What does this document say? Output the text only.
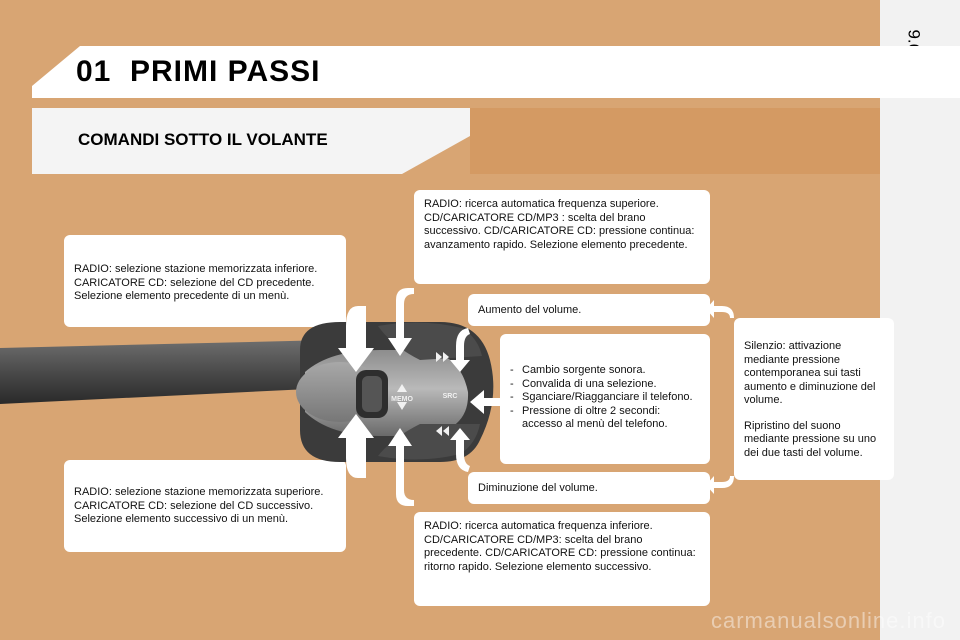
01 PRIMI PASSI
COMANDI SOTTO IL VOLANTE
RADIO: selezione stazione memorizzata inferiore. CARICATORE CD: selezione del CD precedente. Selezione elemento precedente di un menù.
RADIO: selezione stazione memorizzata superiore. CARICATORE CD: selezione del CD successivo. Selezione elemento successivo di un menù.
RADIO: ricerca automatica frequenza superiore. CD/CARICATORE CD/MP3 : scelta del brano successivo. CD/CARICATORE CD: pressione continua: avanzamento rapido. Selezione elemento precedente.
Aumento del volume.
- Cambio sorgente sonora.
- Convalida di una selezione.
- Sganciare/Riagganciare il telefono.
- Pressione di oltre 2 secondi: accesso al menù del telefono.
Diminuzione del volume.
RADIO: ricerca automatica frequenza inferiore. CD/CARICATORE CD/MP3: scelta del brano precedente. CD/CARICATORE CD: pressione continua: ritorno rapido. Selezione elemento successivo.

Silenzio: attivazione mediante pressione contemporanea sui tasti aumento e diminuzione del volume.

Ripristino del suono mediante pressione su uno dei due tasti del volume.

MEMO	SRC
carmanualsonline.info
